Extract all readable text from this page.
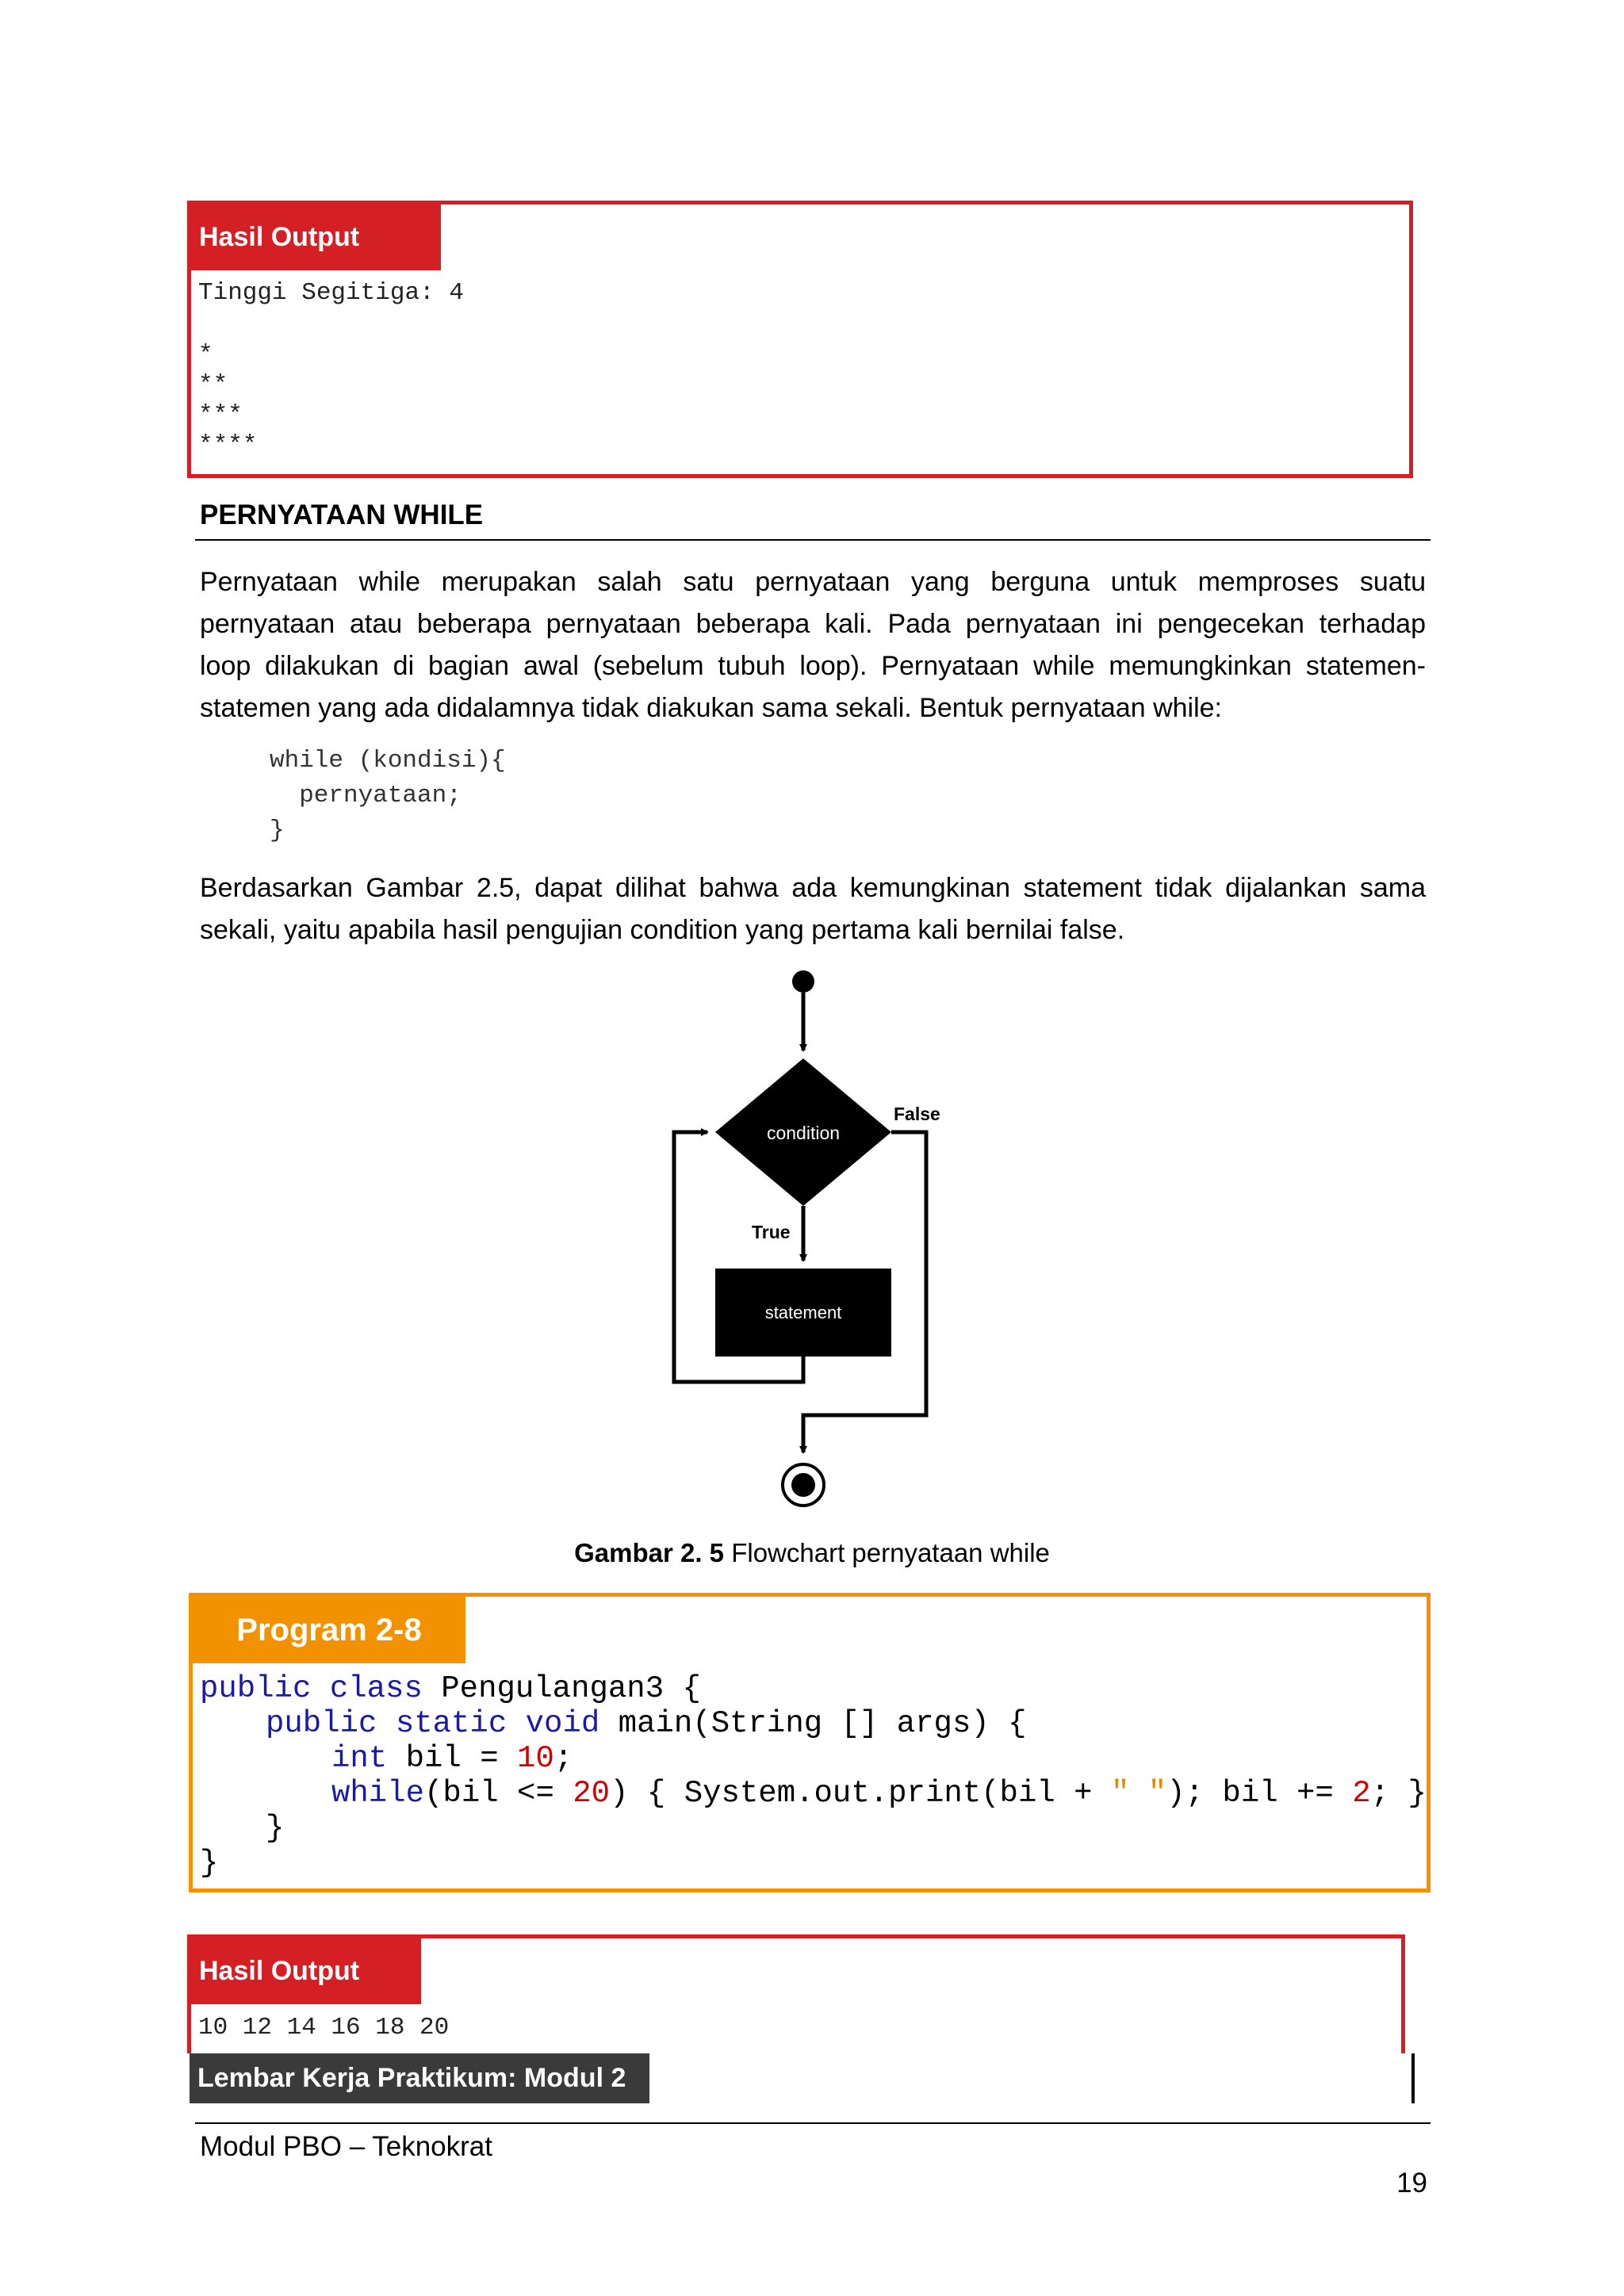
Hasil Output
Tinggi Segitiga: 4
*
**
***
****
PERNYATAAN WHILE
Pernyataan while merupakan salah satu pernyataan yang berguna untuk memproses suatu
pernyataan atau beberapa pernyataan beberapa kali. Pada pernyataan ini pengecekan terhadap
loop dilakukan di bagian awal (sebelum tubuh loop). Pernyataan while memungkinkan statemen-
statemen yang ada didalamnya tidak diakukan sama sekali. Bentuk pernyataan while:
while (kondisi){
pernyataan;
}
Berdasarkan Gambar 2.5, dapat dilihat bahwa ada kemungkinan statement tidak dijalankan sama
sekali, yaitu apabila hasil pengujian condition yang pertama kali bernilai false.
condition
True
statement
False
Gambar 2. 5 Flowchart pernyataan while
Program 2-8
public class Pengulangan3 {
public static void main(String [] args) {
int bil = 10;
while(bil <= 20) { System.out.print(bil + " "); bil += 2; }
}
}
Hasil Output
10 12 14 16 18 20
Lembar Kerja Praktikum: Modul 2
Modul PBO – Teknokrat
19
